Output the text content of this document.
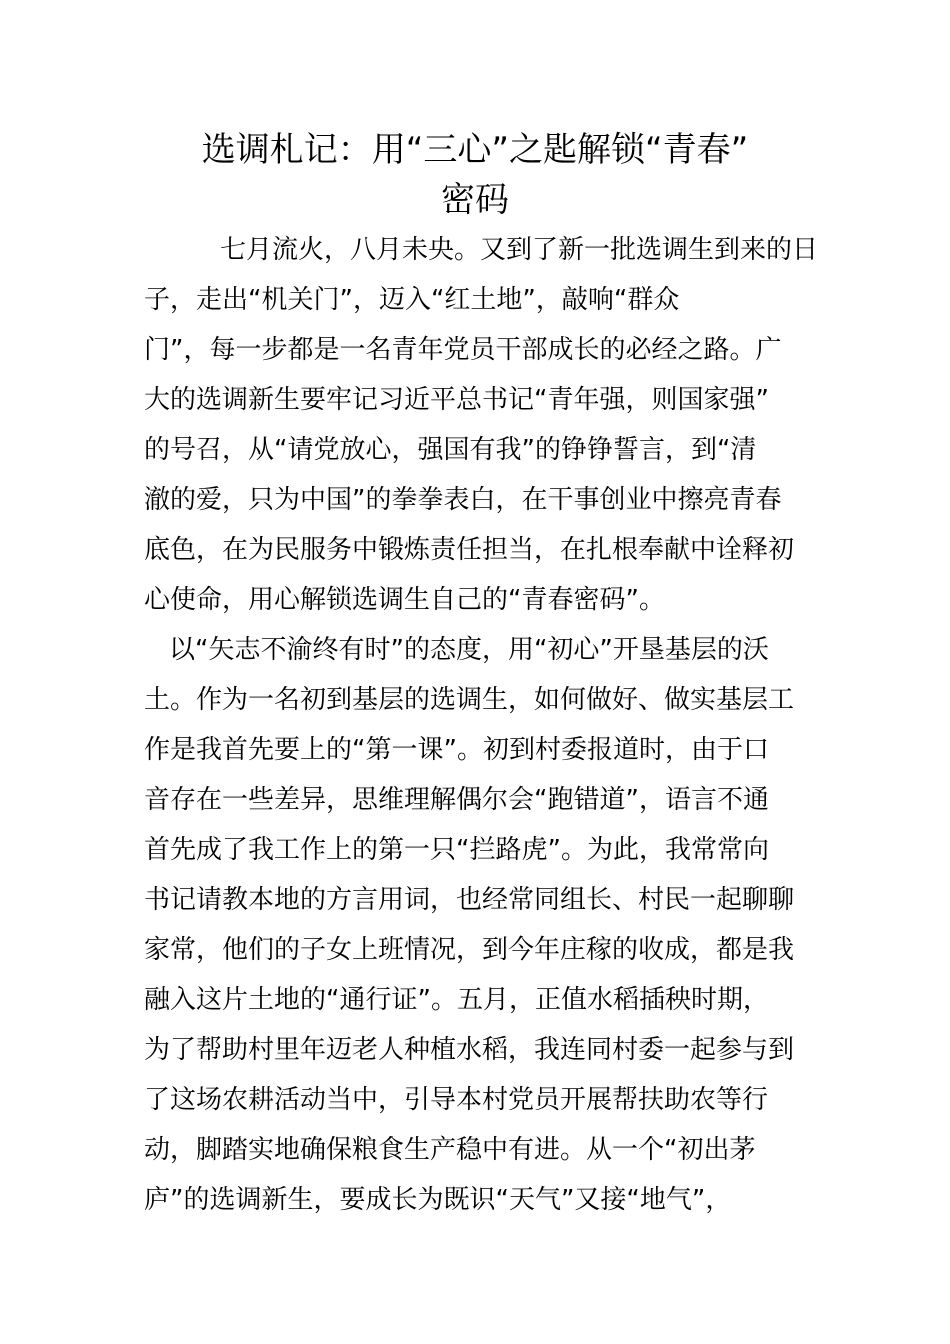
选调札记：用“三心”之匙解锁“青春”
密码

七月流火，八月未央。又到了新一批选调生到来的日

子，走出“机关门”，迈入“红土地”，敲响“群众

门”，每一步都是一名青年党员干部成长的必经之路。广

大的选调新生要牢记习近平总书记“青年强，则国家强”

的号召，从“请党放心，强国有我”的铮铮誓言，到“清

澈的爱，只为中国”的拳拳表白，在干事创业中擦亮青春

底色，在为民服务中锻炼责任担当，在扎根奉献中诠释初

心使命，用心解锁选调生自己的“青春密码”。

以“矢志不渝终有时”的态度，用“初心”开垦基层的沃

土。作为一名初到基层的选调生，如何做好、做实基层工

作是我首先要上的“第一课”。初到村委报道时，由于口

音存在一些差异，思维理解偶尔会“跑错道”，语言不通

首先成了我工作上的第一只“拦路虎”。为此，我常常向

书记请教本地的方言用词，也经常同组长、村民一起聊聊

家常，他们的子女上班情况，到今年庄稼的收成，都是我

融入这片土地的“通行证”。五月，正值水稻插秧时期，

为了帮助村里年迈老人种植水稻，我连同村委一起参与到

了这场农耕活动当中，引导本村党员开展帮扶助农等行

动，脚踏实地确保粮食生产稳中有进。从一个“初出茅

庐”的选调新生，要成长为既识“天气”又接“地气”，
